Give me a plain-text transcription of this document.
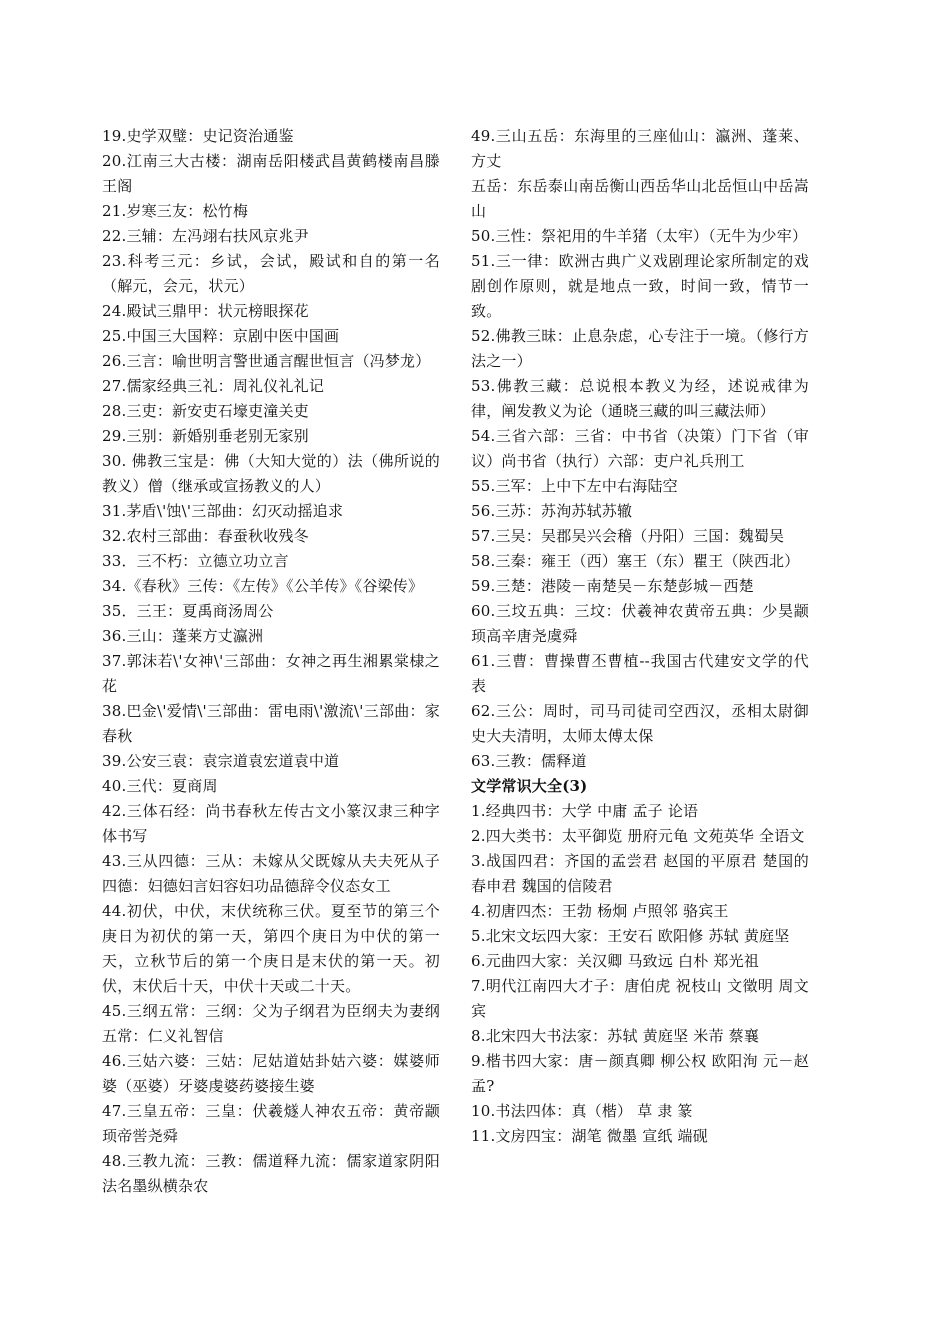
19.史学双璧：史记资治通鉴

20.江南三大古楼：湖南岳阳楼武昌黄鹤楼南昌滕王阁

21.岁寒三友：松竹梅

22.三辅：左冯翊右扶风京兆尹

23.科考三元：乡试，会试，殿试和自的第一名（解元，会元，状元）

24.殿试三鼎甲：状元榜眼探花

25.中国三大国粹：京剧中医中国画

26.三言：喻世明言警世通言醒世恒言（冯梦龙）

27.儒家经典三礼：周礼仪礼礼记

28.三吏：新安吏石壕吏潼关吏

29.三别：新婚别垂老别无家别

30. 佛教三宝是：佛（大知大觉的）法（佛所说的教义）僧（继承或宣扬教义的人）

31.茅盾\'蚀\'三部曲：幻灭动摇追求

32.农村三部曲：春蚕秋收残冬

33．三不朽：立德立功立言

34.《春秋》三传：《左传》《公羊传》《谷梁传》

35．三王：夏禹商汤周公

36.三山：蓬莱方丈瀛洲

37.郭沫若\'女神\'三部曲：女神之再生湘累棠棣之花

38.巴金\'爱情\'三部曲：雷电雨\'激流\'三部曲：家春秋

39.公安三袁：袁宗道袁宏道袁中道

40.三代：夏商周

42.三体石经：尚书春秋左传古文小篆汉隶三种字体书写

43.三从四德：三从：未嫁从父既嫁从夫夫死从子四德：妇德妇言妇容妇功品德辞令仪态女工

44.初伏，中伏，末伏统称三伏。夏至节的第三个庚日为初伏的第一天，第四个庚日为中伏的第一天，立秋节后的第一个庚日是末伏的第一天。初伏，末伏后十天，中伏十天或二十天。

45.三纲五常：三纲：父为子纲君为臣纲夫为妻纲五常：仁义礼智信

46.三姑六婆：三姑：尼姑道姑卦姑六婆：媒婆师婆（巫婆）牙婆虔婆药婆接生婆

47.三皇五帝：三皇：伏羲燧人神农五帝：黄帝颛顼帝喾尧舜

48.三教九流：三教：儒道释九流：儒家道家阴阳法名墨纵横杂农

49.三山五岳：东海里的三座仙山：瀛洲、蓬莱、方丈

五岳：东岳泰山南岳衡山西岳华山北岳恒山中岳嵩山

50.三性：祭祀用的牛羊猪（太牢）（无牛为少牢）

51.三一律：欧洲古典广义戏剧理论家所制定的戏剧创作原则，就是地点一致，时间一致，情节一致。

52.佛教三昧：止息杂虑，心专注于一境。（修行方法之一）

53.佛教三藏：总说根本教义为经，述说戒律为律，阐发教义为论（通晓三藏的叫三藏法师）

54.三省六部：三省：中书省（决策）门下省（审议）尚书省（执行）六部：吏户礼兵刑工

55.三军：上中下左中右海陆空

56.三苏：苏洵苏轼苏辙

57.三吴：吴郡吴兴会稽（丹阳）三国：魏蜀吴

58.三秦：雍王（西）塞王（东）瞿王（陕西北）

59.三楚：港陵－南楚吴－东楚彭城－西楚

60.三坟五典：三坟：伏羲神农黄帝五典：少昊颛顼高辛唐尧虞舜

61.三曹：曹操曹丕曹植--我国古代建安文学的代表

62.三公：周时，司马司徒司空西汉，丞相太尉御史大夫清明，太师太傅太保

63.三教：儒释道

文学常识大全(3)

1.经典四书：大学 中庸 孟子 论语

2.四大类书：太平御览 册府元龟 文苑英华 全语文

3.战国四君：齐国的孟尝君 赵国的平原君 楚国的春申君 魏国的信陵君

4.初唐四杰：王勃 杨炯 卢照邻 骆宾王

5.北宋文坛四大家：王安石 欧阳修 苏轼 黄庭坚

6.元曲四大家：关汉卿 马致远 白朴 郑光祖

7.明代江南四大才子：唐伯虎 祝枝山 文徵明 周文宾

8.北宋四大书法家：苏轼 黄庭坚 米芾 蔡襄

9.楷书四大家：唐－颜真卿 柳公权 欧阳洵 元－赵孟?

10.书法四体：真（楷） 草 隶 篆

11.文房四宝：湖笔 微墨 宣纸 端砚
